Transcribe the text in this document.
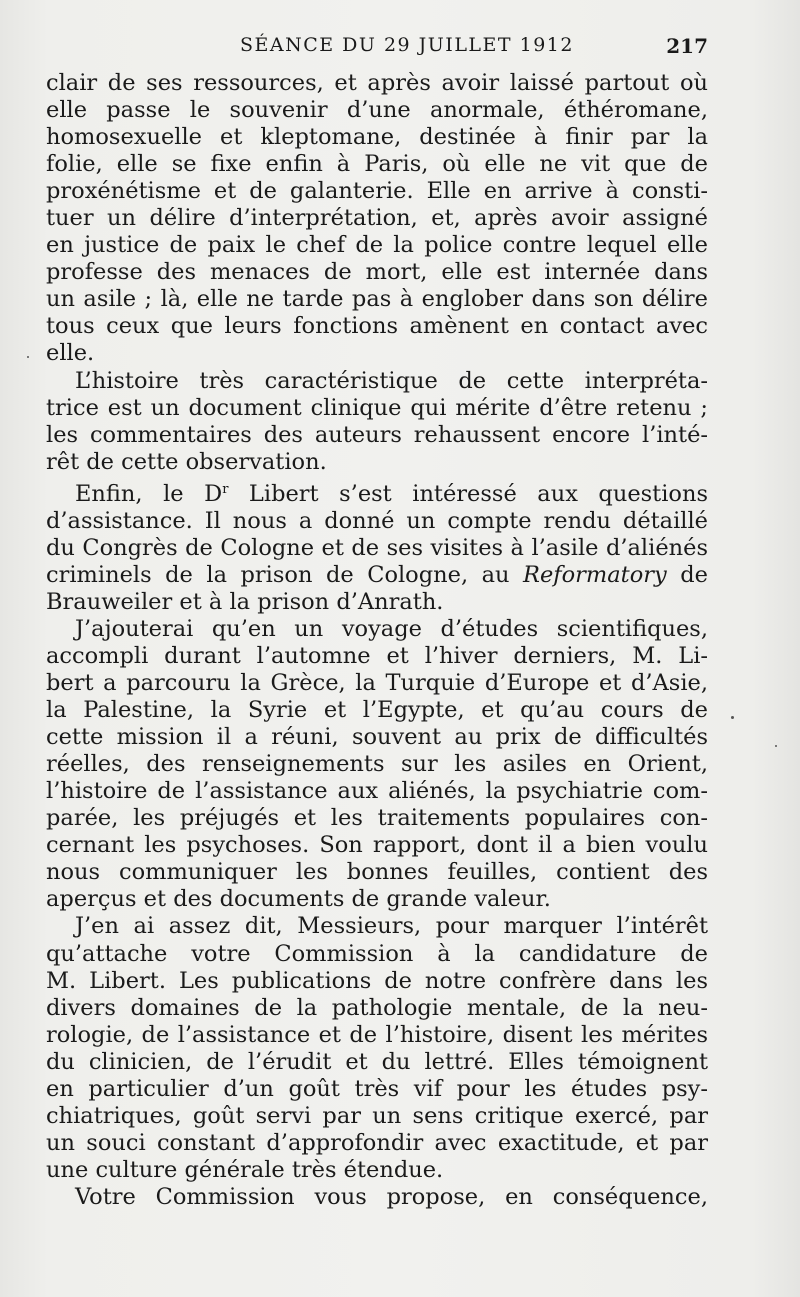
SÉANCE DU 29 JUILLET 1912	217
clair de ses ressources, et après avoir laissé partout où
elle passe le souvenir d’une anormale, éthéromane,
homosexuelle et kleptomane, destinée à finir par la
folie, elle se fixe enfin à Paris, où elle ne vit que de
proxénétisme et de galanterie. Elle en arrive à consti-
tuer un délire d’interprétation, et, après avoir assigné
en justice de paix le chef de la police contre lequel elle
professe des menaces de mort, elle est internée dans
un asile ; là, elle ne tarde pas à englober dans son délire
tous ceux que leurs fonctions amènent en contact avec
elle.
L’histoire très caractéristique de cette interpréta-
trice est un document clinique qui mérite d’être retenu ;
les commentaires des auteurs rehaussent encore l’inté-
rêt de cette observation.
Enfin, le $D^r$ Libert s’est intéressé aux questions
d’assistance. Il nous a donné un compte rendu détaillé
du Congrès de Cologne et de ses visites à l’asile d’aliénés
criminels de la prison de Cologne, au Reformatory de
Brauweiler et à la prison d’Anrath.
J’ajouterai qu’en un voyage d’études scientifiques,
accompli durant l’automne et l’hiver derniers, M. Li-
bert a parcouru la Grèce, la Turquie d’Europe et d’Asie,
la Palestine, la Syrie et l’Egypte, et qu’au cours de
cette mission il a réuni, souvent au prix de difficultés
réelles, des renseignements sur les asiles en Orient,
l’histoire de l’assistance aux aliénés, la psychiatrie com-
parée, les préjugés et les traitements populaires con-
cernant les psychoses. Son rapport, dont il a bien voulu
nous communiquer les bonnes feuilles, contient des
aperçus et des documents de grande valeur.
J’en ai assez dit, Messieurs, pour marquer l’intérêt
qu’attache votre Commission à la candidature de
M. Libert. Les publications de notre confrère dans les
divers domaines de la pathologie mentale, de la neu-
rologie, de l’assistance et de l’histoire, disent les mérites
du clinicien, de l’érudit et du lettré. Elles témoignent
en particulier d’un goût très vif pour les études psy-
chiatriques, goût servi par un sens critique exercé, par
un souci constant d’approfondir avec exactitude, et par
une culture générale très étendue.
Votre Commission vous propose, en conséquence,
